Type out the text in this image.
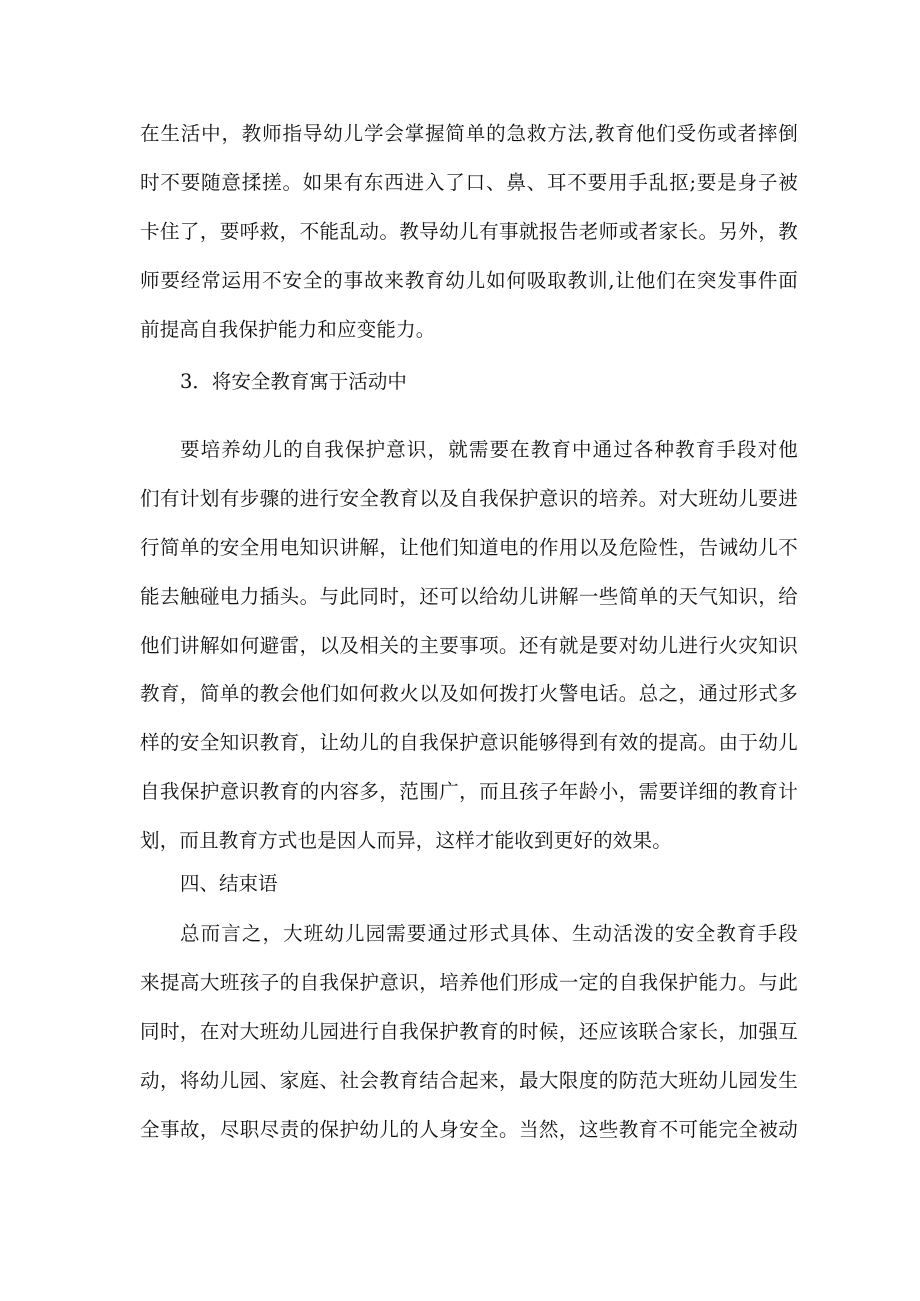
在生活中，教师指导幼儿学会掌握简单的急救方法,教育他们受伤或者摔倒
时不要随意揉搓。如果有东西进入了口、鼻、耳不要用手乱抠;要是身子被
卡住了，要呼救，不能乱动。教导幼儿有事就报告老师或者家长。另外，教
师要经常运用不安全的事故来教育幼儿如何吸取教训,让他们在突发事件面
前提高自我保护能力和应变能力。
3．将安全教育寓于活动中
要培养幼儿的自我保护意识，就需要在教育中通过各种教育手段对他
们有计划有步骤的进行安全教育以及自我保护意识的培养。对大班幼儿要进
行简单的安全用电知识讲解，让他们知道电的作用以及危险性，告诫幼儿不
能去触碰电力插头。与此同时，还可以给幼儿讲解一些简单的天气知识，给
他们讲解如何避雷，以及相关的主要事项。还有就是要对幼儿进行火灾知识
教育，简单的教会他们如何救火以及如何拨打火警电话。总之，通过形式多
样的安全知识教育，让幼儿的自我保护意识能够得到有效的提高。由于幼儿
自我保护意识教育的内容多，范围广，而且孩子年龄小，需要详细的教育计
划，而且教育方式也是因人而异，这样才能收到更好的效果。
四、结束语
总而言之，大班幼儿园需要通过形式具体、生动活泼的安全教育手段
来提高大班孩子的自我保护意识，培养他们形成一定的自我保护能力。与此
同时，在对大班幼儿园进行自我保护教育的时候，还应该联合家长，加强互
动，将幼儿园、家庭、社会教育结合起来，最大限度的防范大班幼儿园发生
全事故，尽职尽责的保护幼儿的人身安全。当然，这些教育不可能完全被动
